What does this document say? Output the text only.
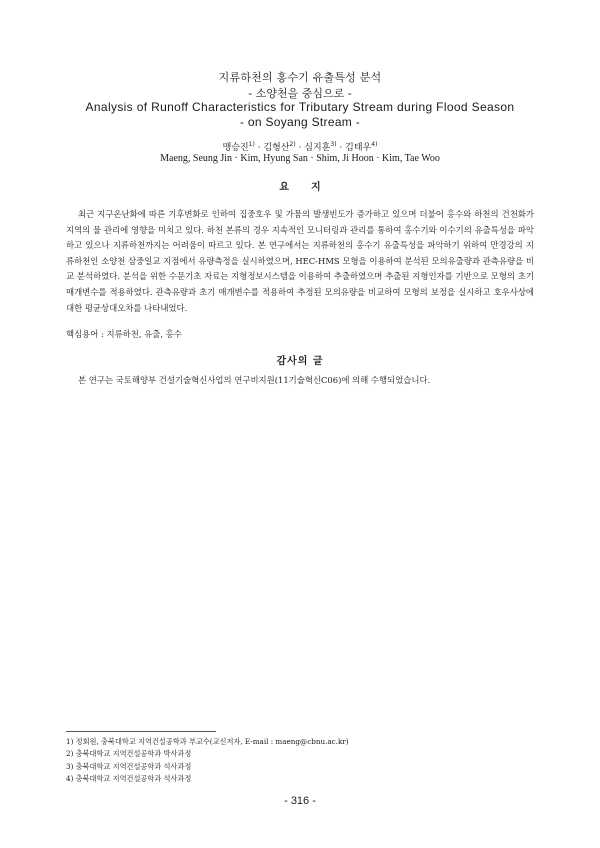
지류하천의 홍수기 유출특성 분석
- 소양천을 중심으로 -
Analysis of Runoff Characteristics for Tributary Stream during Flood Season
- on Soyang Stream -
맹승진$^{1)}$ · 김형산$^{2)}$ · 심지훈$^{3)}$ · 김태우$^{4)}$
Maeng, Seung Jin · Kim, Hyung San · Shim, Ji Hoon · Kim, Tae Woo
요지

최근 지구온난화에 따른 기후변화로 인하여 집중호우 및 가뭄의 발생빈도가 증가하고 있으며 더불어 홍수와 하천의 건천화가 지역의 물 관리에 영향을 미치고 있다. 하천 본류의 경우 지속적인 모니터링과 관리를 통하여 홍수기와 이수기의 유출특성을 파악하고 있으나 지류하천까지는 어려움이 따르고 있다. 본 연구에서는 지류하천의 홍수기 유출특성을 파악하기 위하여 만경강의 지류하천인 소양천 삼중일교 지점에서 유량측정을 실시하였으며, HEC-HMS 모형을 이용하여 분석된 모의유출량과 관측유량을 비교 분석하였다. 분석을 위한 수문기초 자료는 지형정보시스템을 이용하여 추출하였으며 추출된 지형인자를 기반으로 모형의 초기 매개변수를 적용하였다. 관측유량과 초기 매개변수를 적용하여 추정된 모의유량을 비교하여 모형의 보정을 실시하고 호우사상에 대한 평균상대오차를 나타내었다.

핵심용어 : 지류하천, 유출, 홍수
감사의 글

본 연구는 국토해양부 건설기술혁신사업의 연구비지원(11기술혁신C06)에 의해 수행되었습니다.

1) 정회원, 충북대학교 지역건설공학과 부교수(교신저자, E-mail : maeng@cbnu.ac.kr)
2) 충북대학교 지역건설공학과 박사과정
3) 충북대학교 지역건설공학과 석사과정
4) 충북대학교 지역건설공학과 석사과정
- 316 -
